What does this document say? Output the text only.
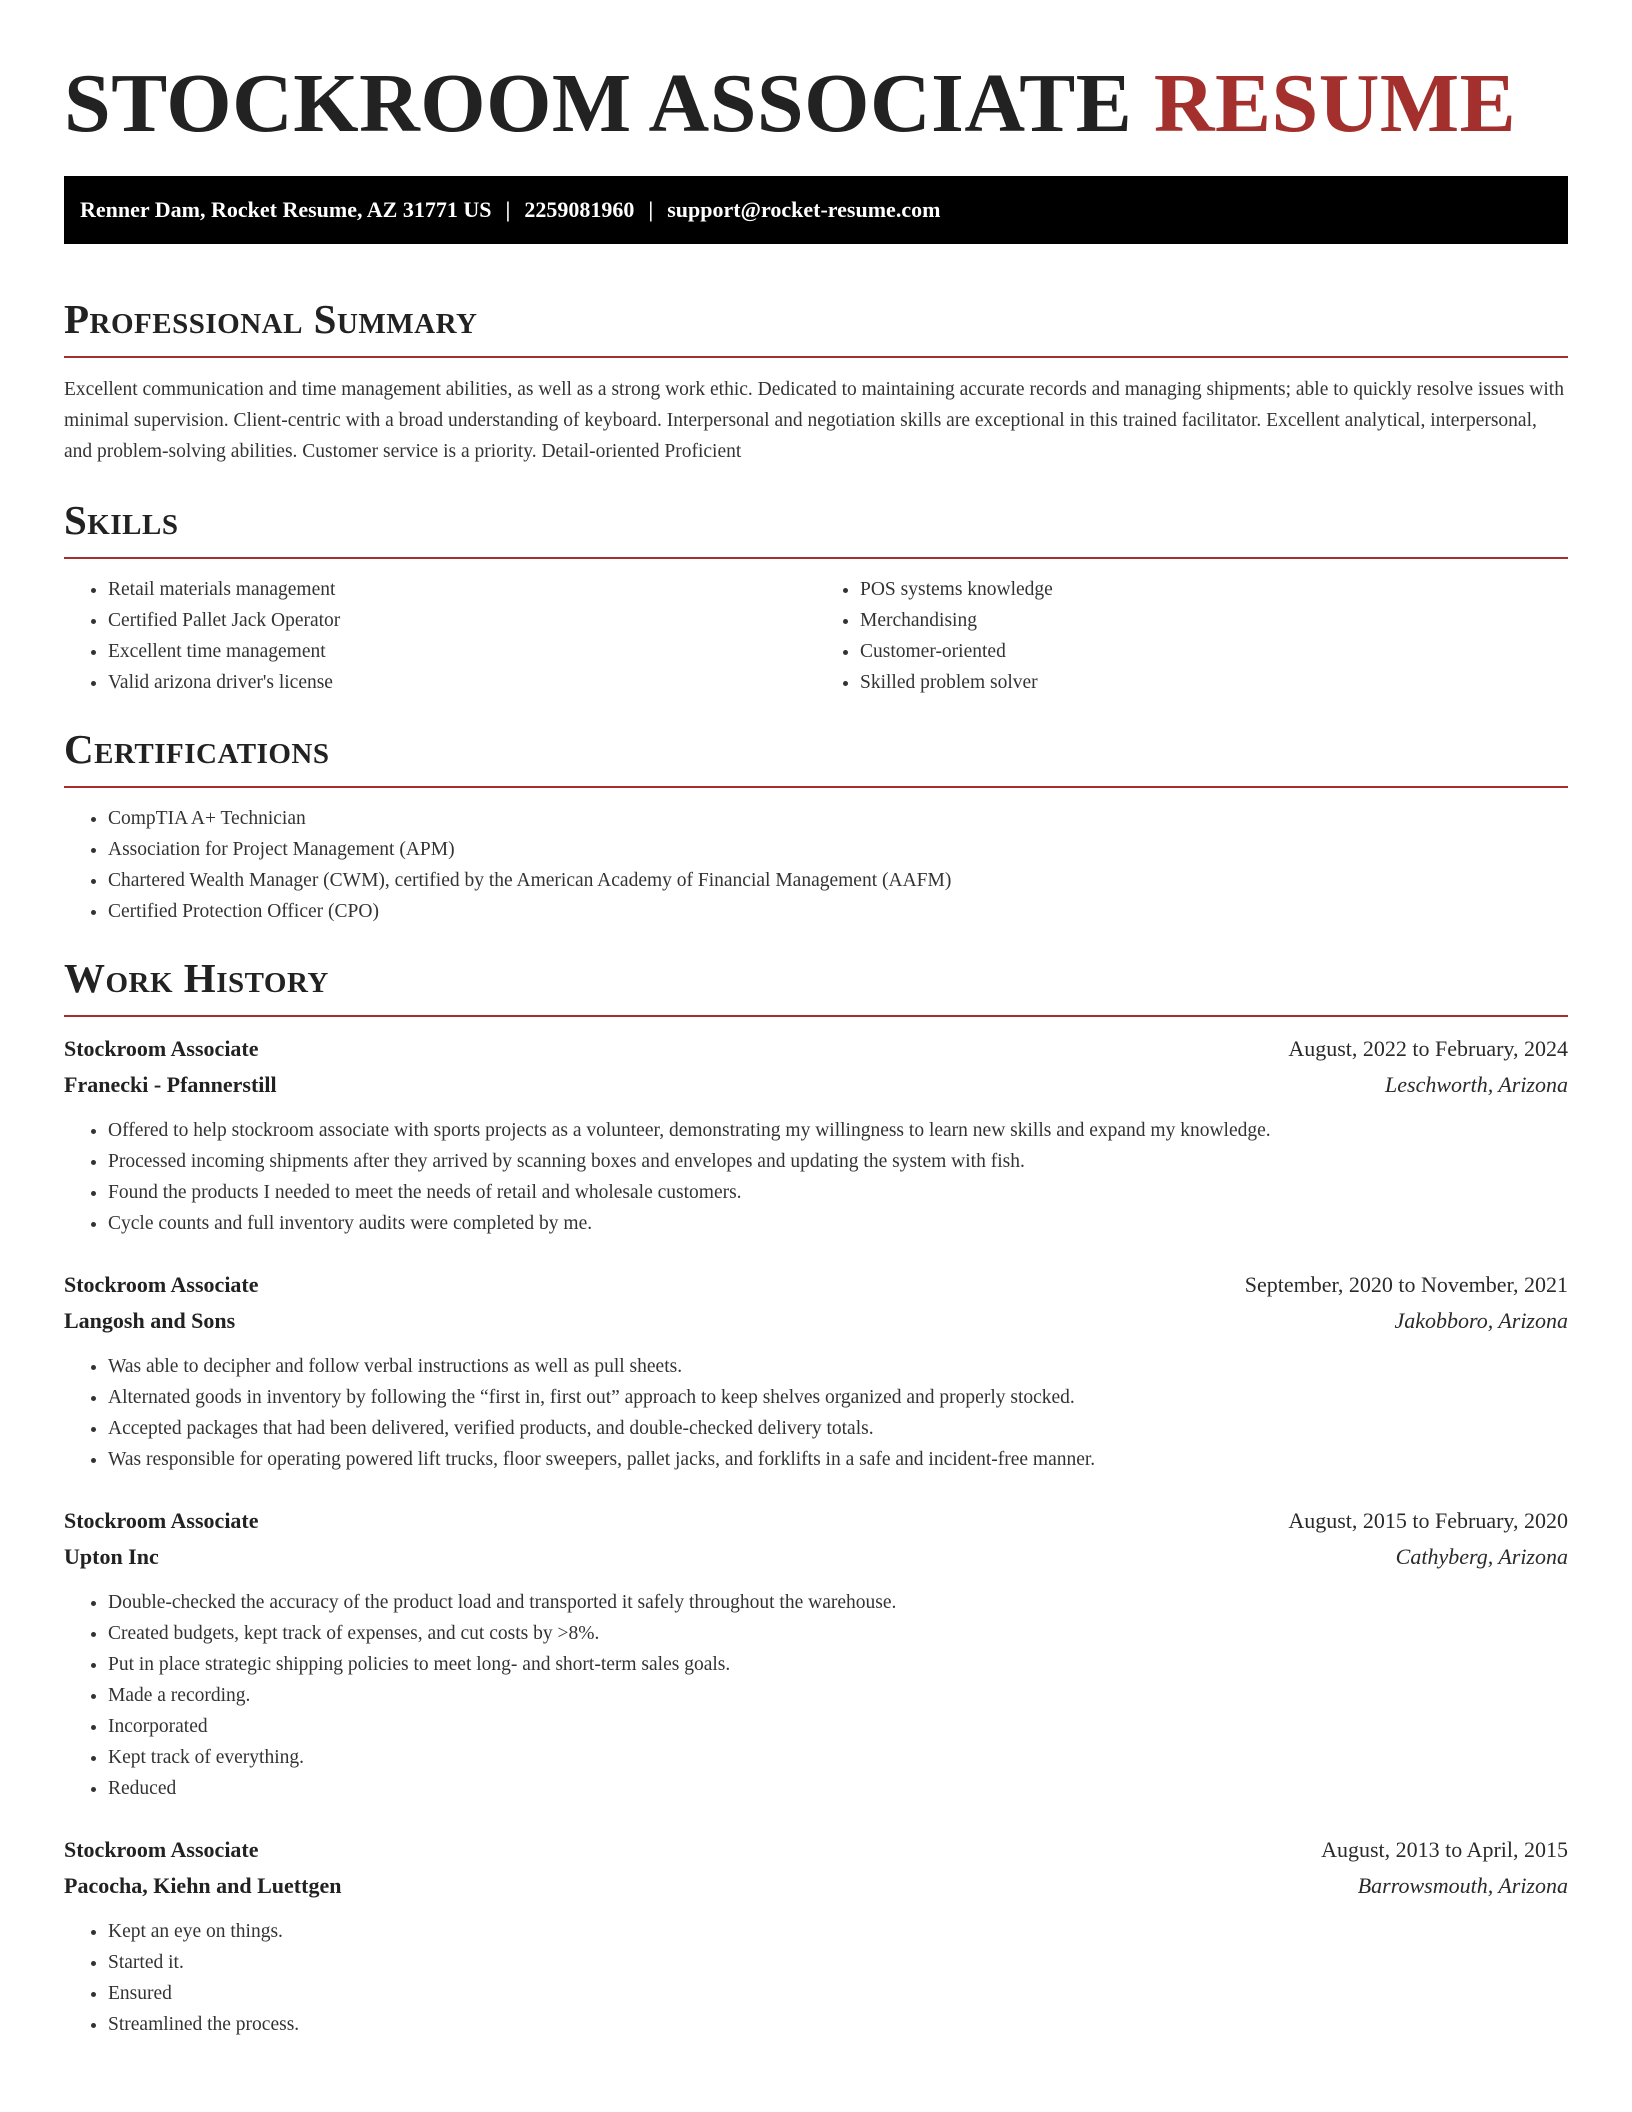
STOCKROOM ASSOCIATE RESUME
Renner Dam, Rocket Resume, AZ 31771 US | 2259081960 | support@rocket-resume.com
Professional Summary

Excellent communication and time management abilities, as well as a strong work ethic. Dedicated to maintaining accurate records and managing shipments; able to quickly resolve issues with minimal supervision. Client-centric with a broad understanding of keyboard. Interpersonal and negotiation skills are exceptional in this trained facilitator. Excellent analytical, interpersonal, and problem-solving abilities. Customer service is a priority. Detail-oriented Proficient

Skills
• Retail materials management
• Certified Pallet Jack Operator
• Excellent time management
• Valid arizona driver's license
• POS systems knowledge
• Merchandising
• Customer-oriented
• Skilled problem solver
Certifications
• CompTIA A+ Technician
• Association for Project Management (APM)
• Chartered Wealth Manager (CWM), certified by the American Academy of Financial Management (AAFM)
• Certified Protection Officer (CPO)
Work History
Stockroom Associate	August, 2022 to February, 2024
Franecki - Pfannerstill	Leschworth, Arizona
• Offered to help stockroom associate with sports projects as a volunteer, demonstrating my willingness to learn new skills and expand my knowledge.
• Processed incoming shipments after they arrived by scanning boxes and envelopes and updating the system with fish.
• Found the products I needed to meet the needs of retail and wholesale customers.
• Cycle counts and full inventory audits were completed by me.
Stockroom Associate	September, 2020 to November, 2021
Langosh and Sons	Jakobboro, Arizona
• Was able to decipher and follow verbal instructions as well as pull sheets.
• Alternated goods in inventory by following the “first in, first out” approach to keep shelves organized and properly stocked.
• Accepted packages that had been delivered, verified products, and double-checked delivery totals.
• Was responsible for operating powered lift trucks, floor sweepers, pallet jacks, and forklifts in a safe and incident-free manner.
Stockroom Associate	August, 2015 to February, 2020
Upton Inc	Cathyberg, Arizona
• Double-checked the accuracy of the product load and transported it safely throughout the warehouse.
• Created budgets, kept track of expenses, and cut costs by >8%.
• Put in place strategic shipping policies to meet long- and short-term sales goals.
• Made a recording.
• Incorporated
• Kept track of everything.
• Reduced
Stockroom Associate	August, 2013 to April, 2015
Pacocha, Kiehn and Luettgen	Barrowsmouth, Arizona
• Kept an eye on things.
• Started it.
• Ensured
• Streamlined the process.
